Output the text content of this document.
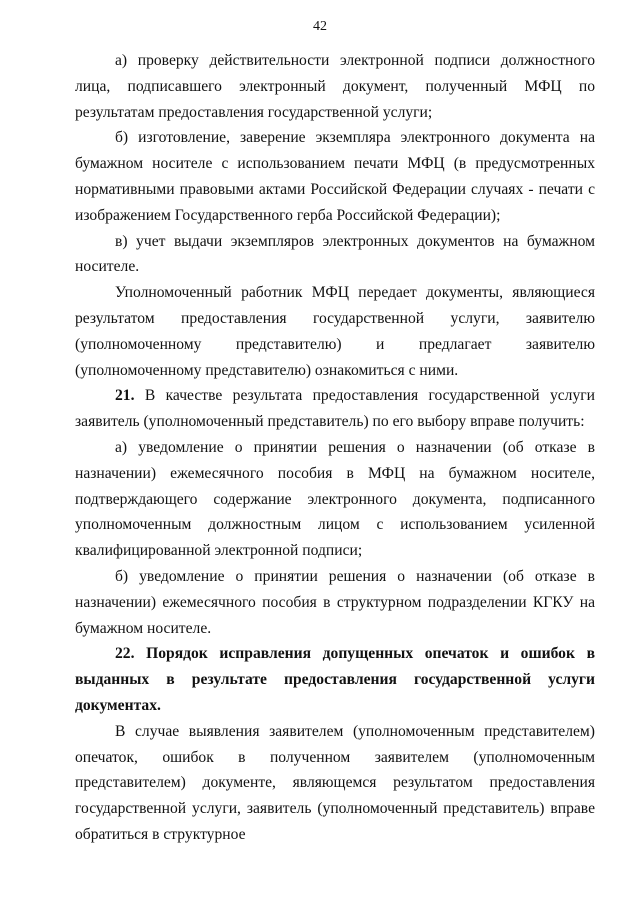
42

а) проверку действительности электронной подписи должностного лица, подписавшего электронный документ, полученный МФЦ по результатам предоставления государственной услуги;

б) изготовление, заверение экземпляра электронного документа на бумажном носителе с использованием печати МФЦ (в предусмотренных нормативными правовыми актами Российской Федерации случаях - печати с изображением Государственного герба Российской Федерации);

в) учет выдачи экземпляров электронных документов на бумажном носителе.

Уполномоченный работник МФЦ передает документы, являющиеся результатом предоставления государственной услуги, заявителю (уполномоченному представителю) и предлагает заявителю (уполномоченному представителю) ознакомиться с ними.

21. В качестве результата предоставления государственной услуги заявитель (уполномоченный представитель) по его выбору вправе получить:

а) уведомление о принятии решения о назначении (об отказе в назначении) ежемесячного пособия в МФЦ на бумажном носителе, подтверждающего содержание электронного документа, подписанного уполномоченным должностным лицом с использованием усиленной квалифицированной электронной подписи;

б) уведомление о принятии решения о назначении (об отказе в назначении) ежемесячного пособия в структурном подразделении КГКУ на бумажном носителе.

22. Порядок исправления допущенных опечаток и ошибок в выданных в результате предоставления государственной услуги документах.

В случае выявления заявителем (уполномоченным представителем) опечаток, ошибок в полученном заявителем (уполномоченным представителем) документе, являющемся результатом предоставления государственной услуги, заявитель (уполномоченный представитель) вправе обратиться в структурное
